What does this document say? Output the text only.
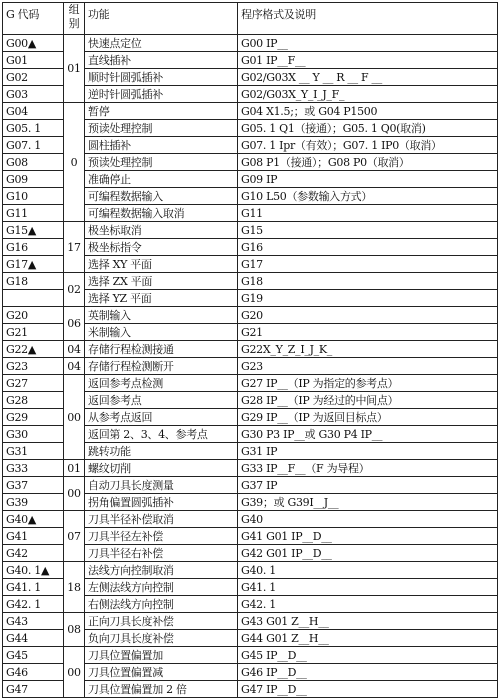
G 代码	组别	功能	程序格式及说明
G00▲	01	快速点定位	G00 IP__
G01		直线插补	G01 IP__F__
G02		顺时针圆弧插补	G02/G03X __ Y __ R __ F __
G03		逆时针圆弧插补	G02/G03X_Y_I_J_F_
G04	0	暂停	G04 X1.5;；或 G04 P1500
G05. 1		预读处理控制	G05. 1 Q1（接通）；G05. 1 Q0(取消)
G07. 1		圆柱插补	G07. 1 Ipr（有效）；G07. 1 IP0（取消）
G08		预读处理控制	G08 P1（接通）；G08 P0（取消）
G09		准确停止	G09 IP
G10		可编程数据输入	G10 L50（参数输入方式）
G11		可编程数据输入取消	G11
G15▲	17	极坐标取消	G15
G16		极坐标指令	G16
G17▲		选择 XY 平面	G17
G18	02	选择 ZX 平面	G18
		选择 YZ 平面	G19
G20	06	英制输入	G20
G21		米制输入	G21
G22▲	04	存储行程检测接通	G22X_Y_Z_I_J_K_
G23	04	存储行程检测断开	G23
G27	00	返回参考点检测	G27 IP__（IP 为指定的参考点）
G28		返回参考点	G28 IP__（IP 为经过的中间点）
G29		从参考点返回	G29 IP__（IP 为返回目标点）
G30		返回第 2、3、4、参考点	G30 P3 IP__或 G30 P4 IP__
G31		跳转功能	G31 IP
G33	01	螺纹切削	G33 IP__F__（F 为导程）
G37	00	自动刀具长度测量	G37 IP
G39		拐角偏置圆弧插补	G39；或 G39I__J__
G40▲	07	刀具半径补偿取消	G40
G41		刀具半径左补偿	G41 G01 IP__D__
G42		刀具半径右补偿	G42 G01 IP__D__
G40. 1▲	18	法线方向控制取消	G40. 1
G41. 1		左侧法线方向控制	G41. 1
G42. 1		右侧法线方向控制	G42. 1
G43	08	正向刀具长度补偿	G43 G01 Z__H__
G44		负向刀具长度补偿	G44 G01 Z__H__
G45	00	刀具位置偏置加	G45 IP__D__
G46		刀具位置偏置减	G46 IP__D__
G47		刀具位置偏置加 2 倍	G47 IP__D__
